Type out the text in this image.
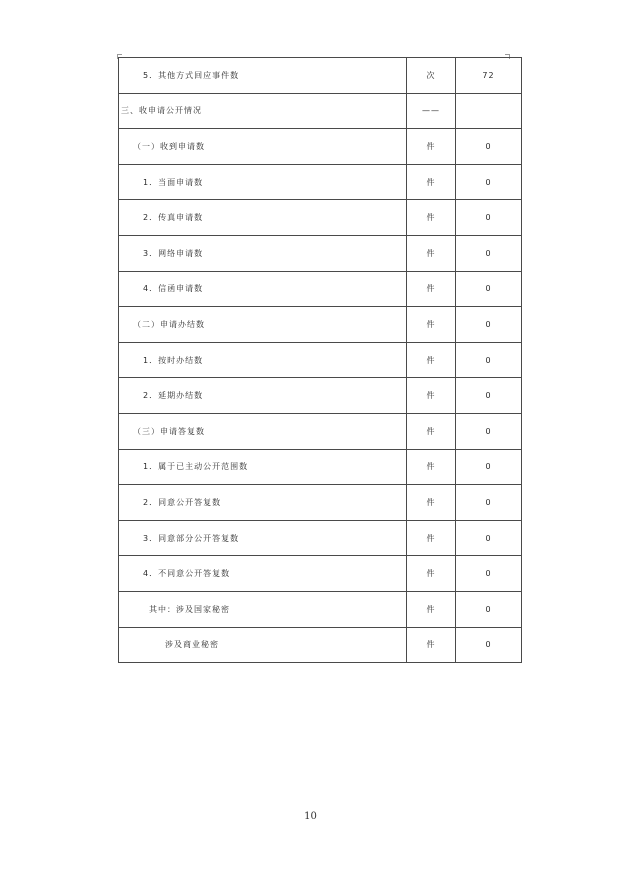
5．其他方式回应事件数	次	72
三、收申请公开情况	——	
（一）收到申请数	件	0
1．当面申请数	件	0
2．传真申请数	件	0
3．网络申请数	件	0
4．信函申请数	件	0
（二）申请办结数	件	0
1．按时办结数	件	0
2．延期办结数	件	0
（三）申请答复数	件	0
1．属于已主动公开范围数	件	0
2．同意公开答复数	件	0
3．同意部分公开答复数	件	0
4．不同意公开答复数	件	0
其中：涉及国家秘密	件	0
涉及商业秘密	件	0
10
